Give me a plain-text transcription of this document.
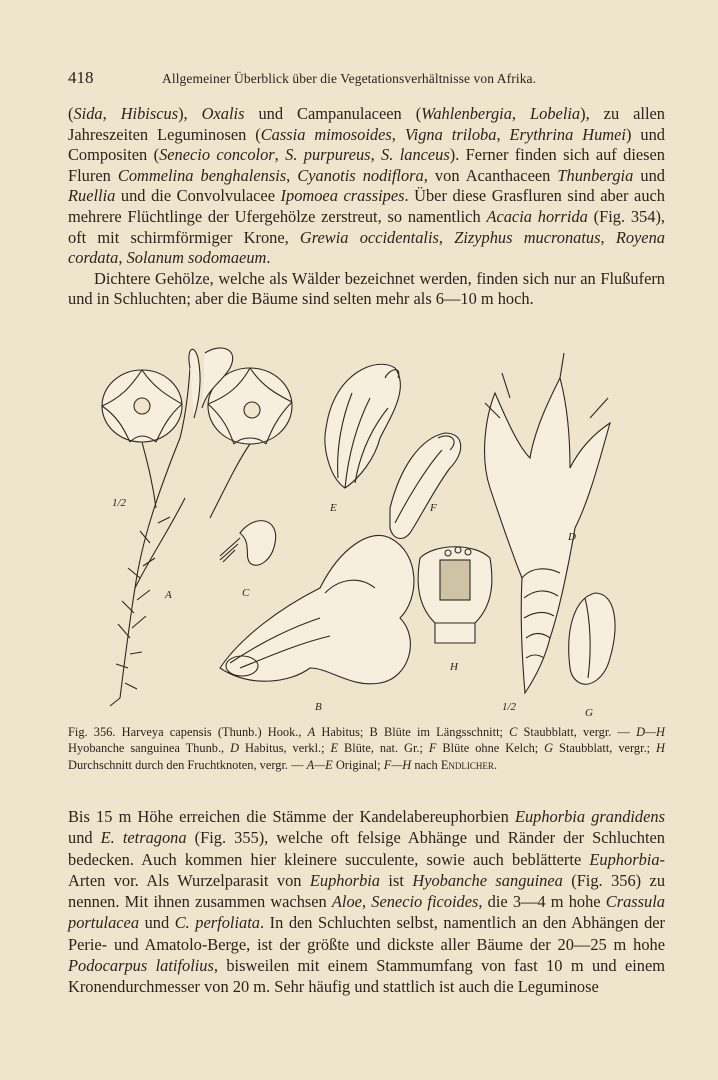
418	Allgemeiner Überblick über die Vegetationsverhältnisse von Afrika.

(Sida, Hibiscus), Oxalis und Campanulaceen (Wahlenbergia, Lobelia), zu allen Jahreszeiten Leguminosen (Cassia mimosoides, Vigna triloba, Erythrina Humei) und Compositen (Senecio concolor, S. purpureus, S. lanceus). Ferner finden sich auf diesen Fluren Commelina benghalensis, Cyanotis nodiflora, von Acanthaceen Thunbergia und Ruellia und die Convolvulacee Ipomoea crassipes. Über diese Grasfluren sind aber auch mehrere Flüchtlinge der Ufergehölze zerstreut, so namentlich Acacia horrida (Fig. 354), oft mit schirmförmiger Krone, Grewia occidentalis, Zizyphus mucronatus, Royena cordata, Solanum sodomaeum.

Dichtere Gehölze, welche als Wälder bezeichnet werden, finden sich nur an Flußufern und in Schluchten; aber die Bäume sind selten mehr als 6—10 m hoch.

A
B
C
D
E	F
G
H
1/2
1/2

Fig. 356. Harveya capensis (Thunb.) Hook., A Habitus; B Blüte im Längsschnitt; C Staubblatt, vergr. — D—H Hyobanche sanguinea Thunb., D Habitus, verkl.; E Blüte, nat. Gr.; F Blüte ohne Kelch; G Staubblatt, vergr.; H Durchschnitt durch den Fruchtknoten, vergr. — A—E Original; F—H nach Endlicher.

Bis 15 m Höhe erreichen die Stämme der Kandelabereuphorbien Euphorbia grandidens und E. tetragona (Fig. 355), welche oft felsige Abhänge und Ränder der Schluchten bedecken. Auch kommen hier kleinere succulente, sowie auch beblätterte Euphorbia-Arten vor. Als Wurzelparasit von Euphorbia ist Hyobanche sanguinea (Fig. 356) zu nennen. Mit ihnen zusammen wachsen Aloe, Senecio ficoides, die 3—4 m hohe Crassula portulacea und C. perfoliata. In den Schluchten selbst, namentlich an den Abhängen der Perie- und Amatolo-Berge, ist der größte und dickste aller Bäume der 20—25 m hohe Podocarpus latifolius, bisweilen mit einem Stammumfang von fast 10 m und einem Kronendurchmesser von 20 m. Sehr häufig und stattlich ist auch die Leguminose
